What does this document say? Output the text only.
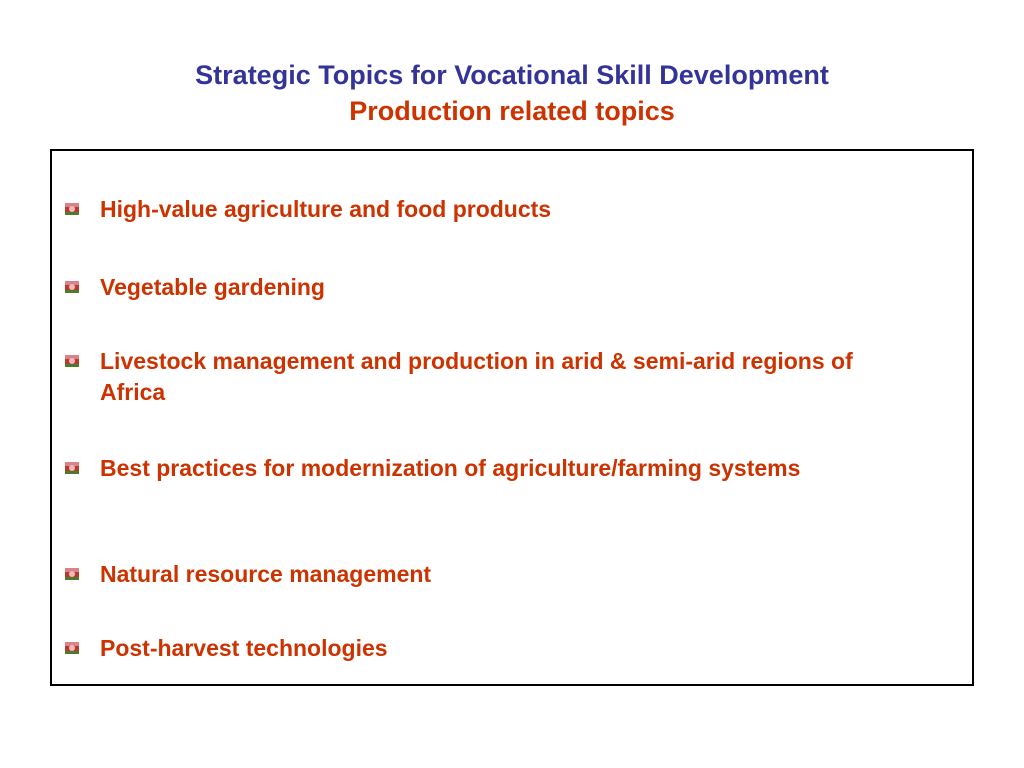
Strategic Topics for Vocational Skill Development
Production related topics
High-value agriculture and food products
Vegetable gardening
Livestock management and production in arid & semi-arid regions of Africa
Best practices for modernization of agriculture/farming systems
Natural resource management
Post-harvest technologies
